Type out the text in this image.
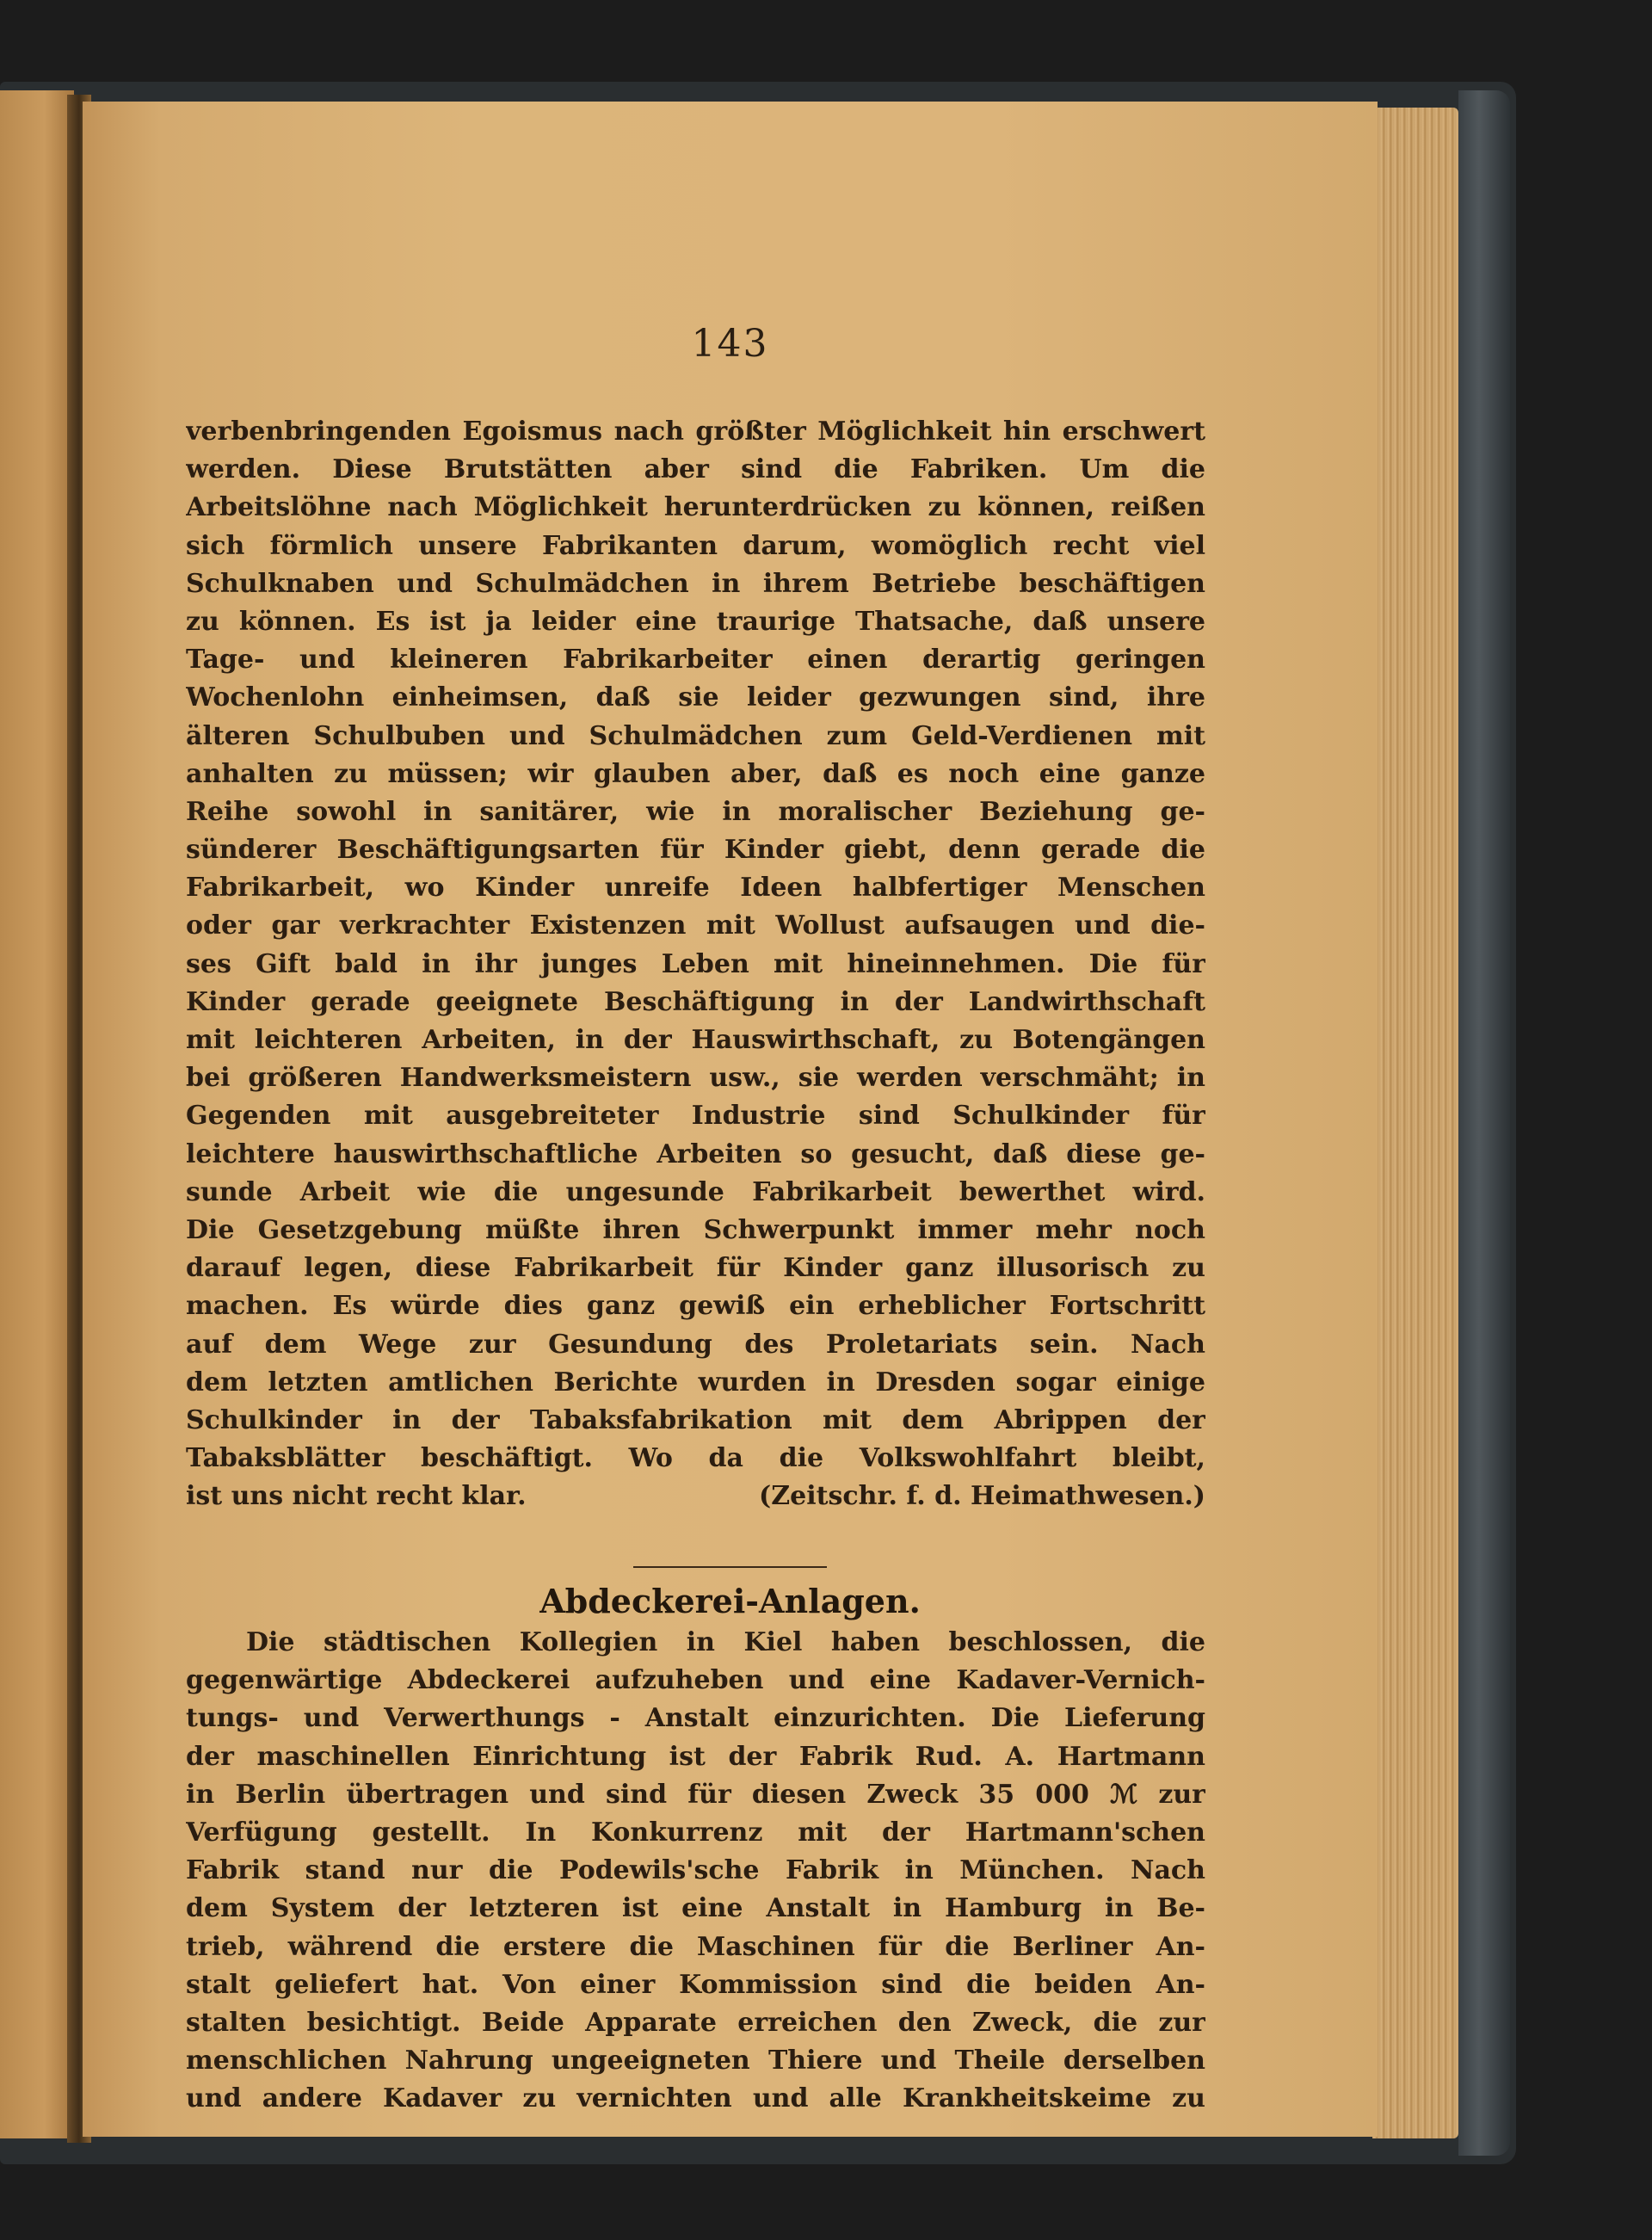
143
verbenbringenden Egoismus nach größter Möglichkeit hin erschwert
werden. Diese Brutstätten aber sind die Fabriken. Um die
Arbeitslöhne nach Möglichkeit herunterdrücken zu können, reißen
sich förmlich unsere Fabrikanten darum, womöglich recht viel
Schulknaben und Schulmädchen in ihrem Betriebe beschäftigen
zu können. Es ist ja leider eine traurige Thatsache, daß unsere
Tage- und kleineren Fabrikarbeiter einen derartig geringen
Wochenlohn einheimsen, daß sie leider gezwungen sind, ihre
älteren Schulbuben und Schulmädchen zum Geld-Verdienen mit
anhalten zu müssen; wir glauben aber, daß es noch eine ganze
Reihe sowohl in sanitärer, wie in moralischer Beziehung ge-
sünderer Beschäftigungsarten für Kinder giebt, denn gerade die
Fabrikarbeit, wo Kinder unreife Ideen halbfertiger Menschen
oder gar verkrachter Existenzen mit Wollust aufsaugen und die-
ses Gift bald in ihr junges Leben mit hineinnehmen. Die für
Kinder gerade geeignete Beschäftigung in der Landwirthschaft
mit leichteren Arbeiten, in der Hauswirthschaft, zu Botengängen
bei größeren Handwerksmeistern usw., sie werden verschmäht; in
Gegenden mit ausgebreiteter Industrie sind Schulkinder für
leichtere hauswirthschaftliche Arbeiten so gesucht, daß diese ge-
sunde Arbeit wie die ungesunde Fabrikarbeit bewerthet wird.
Die Gesetzgebung müßte ihren Schwerpunkt immer mehr noch
darauf legen, diese Fabrikarbeit für Kinder ganz illusorisch zu
machen. Es würde dies ganz gewiß ein erheblicher Fortschritt
auf dem Wege zur Gesundung des Proletariats sein. Nach
dem letzten amtlichen Berichte wurden in Dresden sogar einige
Schulkinder in der Tabaksfabrikation mit dem Abrippen der
Tabaksblätter beschäftigt. Wo da die Volkswohlfahrt bleibt,
ist uns nicht recht klar.	(Zeitschr. f. d. Heimathwesen.)
Abdeckerei-Anlagen.
Die städtischen Kollegien in Kiel haben beschlossen, die
gegenwärtige Abdeckerei aufzuheben und eine Kadaver-Vernich-
tungs- und Verwerthungs - Anstalt einzurichten. Die Lieferung
der maschinellen Einrichtung ist der Fabrik Rud. A. Hartmann
in Berlin übertragen und sind für diesen Zweck 35 000 ℳ zur
Verfügung gestellt. In Konkurrenz mit der Hartmann'schen
Fabrik stand nur die Podewils'sche Fabrik in München. Nach
dem System der letzteren ist eine Anstalt in Hamburg in Be-
trieb, während die erstere die Maschinen für die Berliner An-
stalt geliefert hat. Von einer Kommission sind die beiden An-
stalten besichtigt. Beide Apparate erreichen den Zweck, die zur
menschlichen Nahrung ungeeigneten Thiere und Theile derselben
und andere Kadaver zu vernichten und alle Krankheitskeime zu
